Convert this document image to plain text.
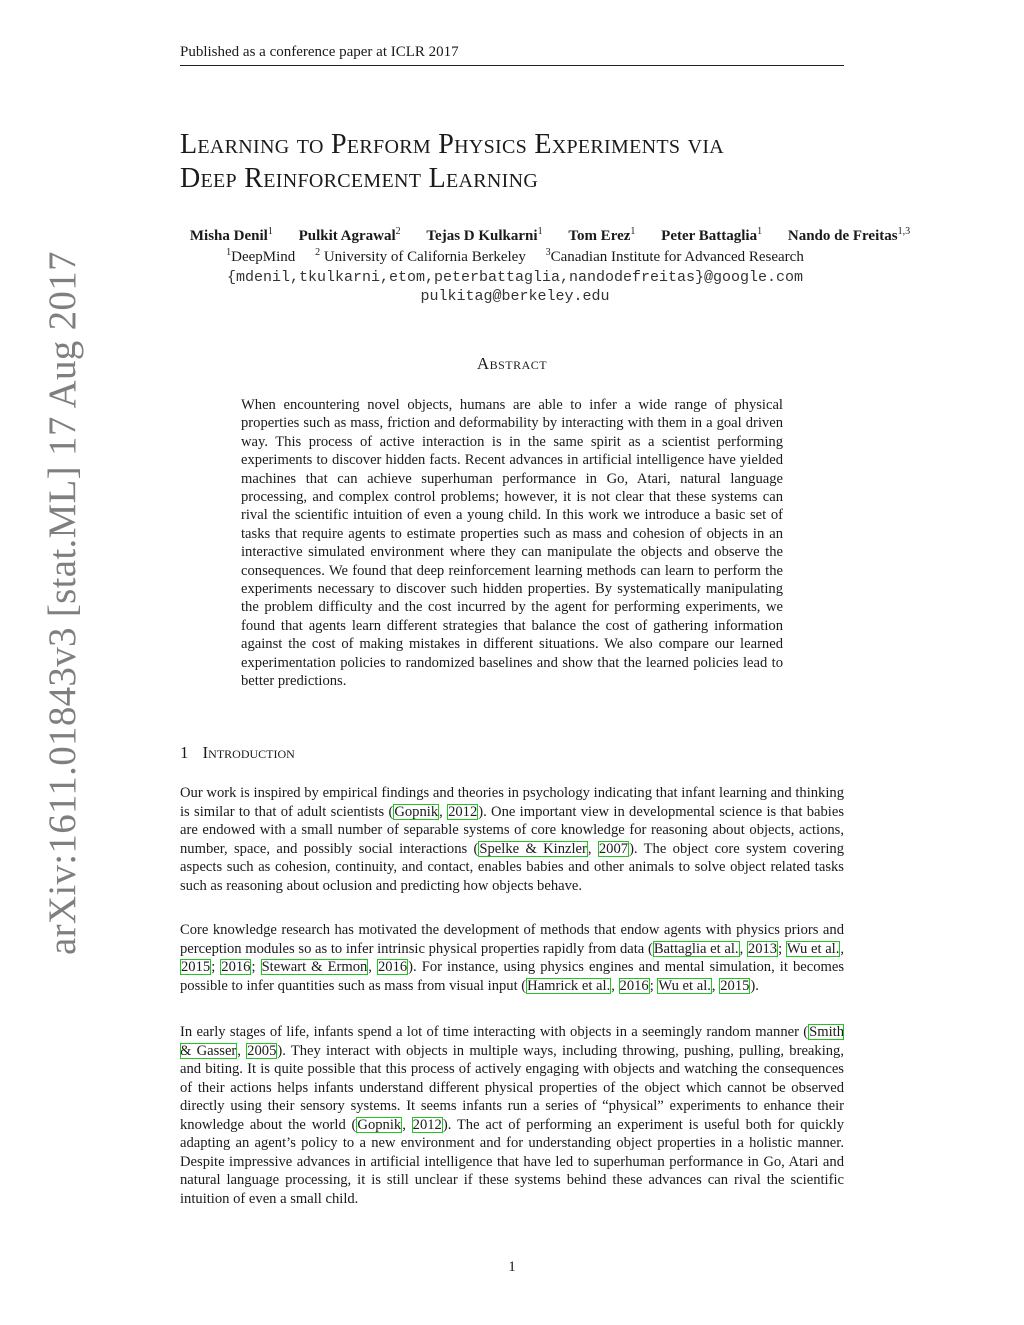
Published as a conference paper at ICLR 2017
arXiv:1611.01843v3 [stat.ML] 17 Aug 2017
Learning to Perform Physics Experiments via
Deep Reinforcement Learning
Misha Denil$^1$ Pulkit Agrawal$^2$ Tejas D Kulkarni$^1$ Tom Erez$^1$ Peter Battaglia$^1$ Nando de Freitas$^{1,3}$
$^1$DeepMind $^2$ University of California Berkeley $^3$Canadian Institute for Advanced Research
{mdenil,tkulkarni,etom,peterbattaglia,nandodefreitas}@google.com
pulkitag@berkeley.edu
Abstract
When encountering novel objects, humans are able to infer a wide range of physical properties such as mass, friction and deformability by interacting with them in a goal driven way. This process of active interaction is in the same spirit as a scientist performing experiments to discover hidden facts. Recent advances in artificial intelligence have yielded machines that can achieve superhuman performance in Go, Atari, natural language processing, and complex control problems; however, it is not clear that these systems can rival the scientific intuition of even a young child. In this work we introduce a basic set of tasks that require agents to estimate properties such as mass and cohesion of objects in an interactive simulated environment where they can manipulate the objects and observe the consequences. We found that deep reinforcement learning methods can learn to perform the experiments necessary to discover such hidden properties. By systematically manipulating the problem difficulty and the cost incurred by the agent for performing experiments, we found that agents learn different strategies that balance the cost of gathering information against the cost of making mistakes in different situations. We also compare our learned experimentation policies to randomized baselines and show that the learned policies lead to better predictions.
1 Introduction

Our work is inspired by empirical findings and theories in psychology indicating that infant learning and thinking is similar to that of adult scientists (Gopnik, 2012). One important view in developmental science is that babies are endowed with a small number of separable systems of core knowledge for reasoning about objects, actions, number, space, and possibly social interactions (Spelke & Kinzler, 2007). The object core system covering aspects such as cohesion, continuity, and contact, enables babies and other animals to solve object related tasks such as reasoning about oclusion and predicting how objects behave.

Core knowledge research has motivated the development of methods that endow agents with physics priors and perception modules so as to infer intrinsic physical properties rapidly from data (Battaglia et al., 2013; Wu et al., 2015; 2016; Stewart & Ermon, 2016). For instance, using physics engines and mental simulation, it becomes possible to infer quantities such as mass from visual input (Hamrick et al., 2016; Wu et al., 2015).

In early stages of life, infants spend a lot of time interacting with objects in a seemingly random manner (Smith & Gasser, 2005). They interact with objects in multiple ways, including throwing, pushing, pulling, breaking, and biting. It is quite possible that this process of actively engaging with objects and watching the consequences of their actions helps infants understand different physical properties of the object which cannot be observed directly using their sensory systems. It seems infants run a series of “physical” experiments to enhance their knowledge about the world (Gopnik, 2012). The act of performing an experiment is useful both for quickly adapting an agent’s policy to a new environment and for understanding object properties in a holistic manner. Despite impressive advances in artificial intelligence that have led to superhuman performance in Go, Atari and natural language processing, it is still unclear if these systems behind these advances can rival the scientific intuition of even a small child.

1
